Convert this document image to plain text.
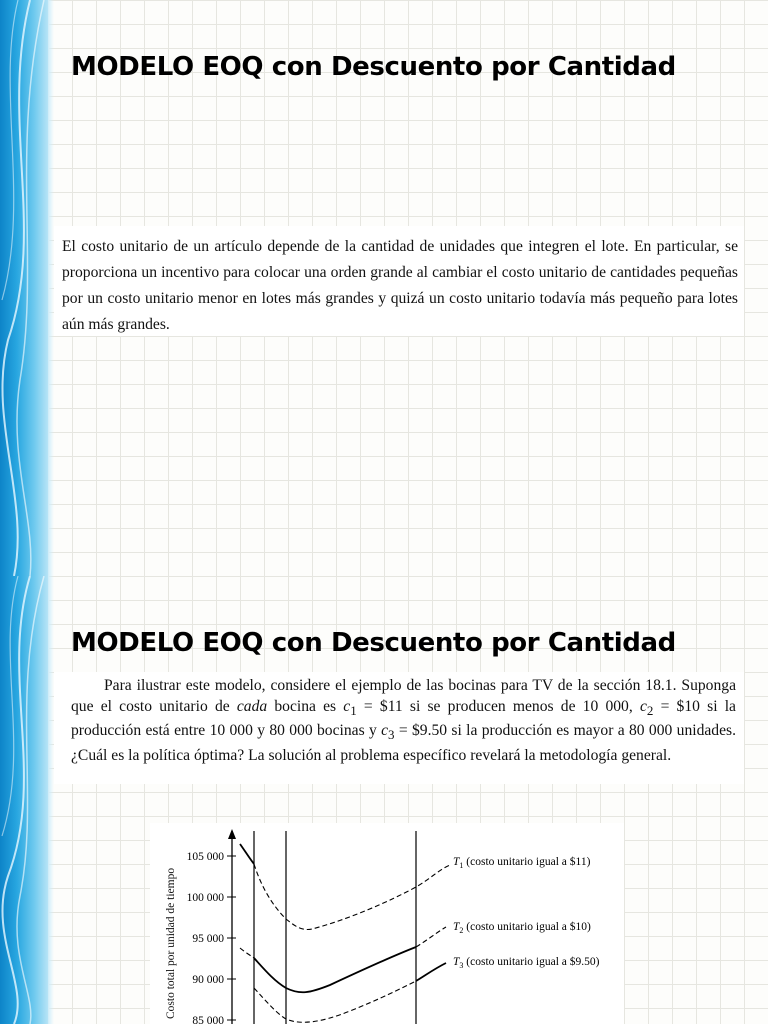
MODELO EOQ con Descuento por Cantidad
El costo unitario de un artículo depende de la cantidad de unidades que integren el lote. En particular, se proporciona un incentivo para colocar una orden grande al cambiar el costo unitario de cantidades pequeñas por un costo unitario menor en lotes más grandes y quizá un costo unitario todavía más pequeño para lotes aún más grandes.
MODELO EOQ con Descuento por Cantidad
Para ilustrar este modelo, considere el ejemplo de las bocinas para TV de la sección 18.1. Suponga que el costo unitario de cada bocina es $c_1$ = $11 si se producen menos de 10 000, $c_2$ = $10 si la producción está entre 10 000 y 80 000 bocinas y $c_3$ = $9.50 si la producción es mayor a 80 000 unidades. ¿Cuál es la política óptima? La solución al problema específico revelará la metodología general.
Costo total por unidad de tiempo
105 000
100 000
95 000
90 000
85 000
$T_1$ (costo unitario igual a $11)
$T_2$ (costo unitario igual a $10)
$T_3$ (costo unitario igual a $9.50)
